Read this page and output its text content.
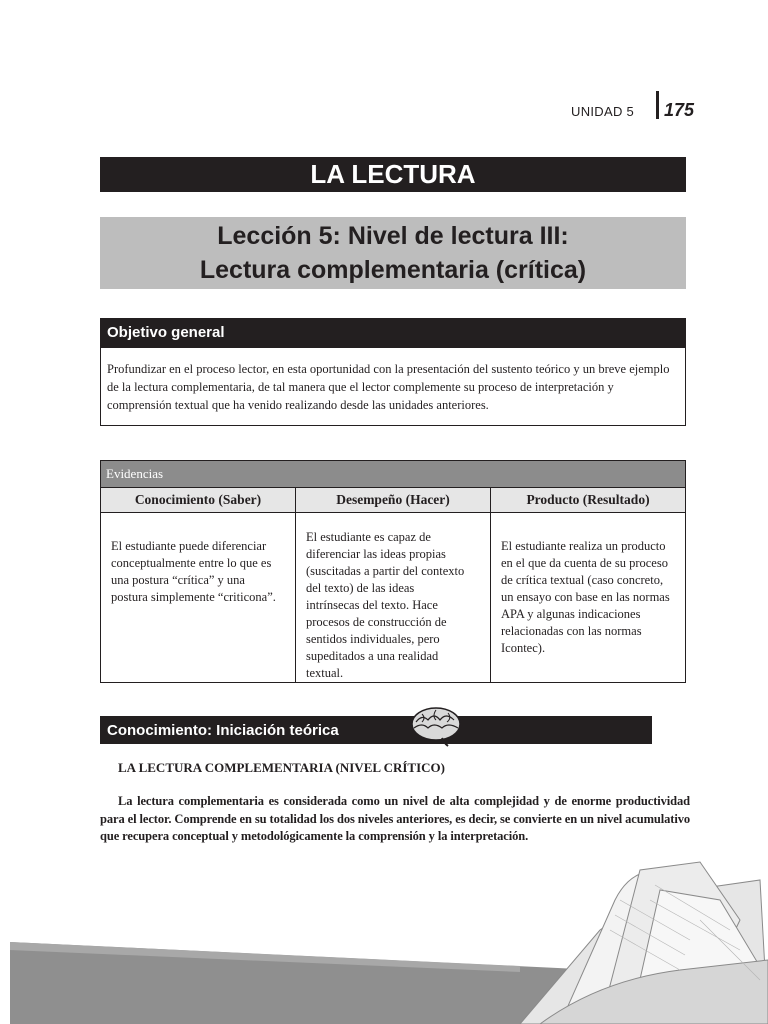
UNIDAD 5 175
LA LECTURA
Lección 5: Nivel de lectura III:
Lectura complementaria (crítica)
Objetivo general
Profundizar en el proceso lector, en esta oportunidad con la presentación del sustento teórico y un breve ejemplo de la lectura complementaria, de tal manera que el lector complemente su proceso de interpretación y comprensión textual que ha venido realizando desde las unidades anteriores.
Evidencias		
Conocimiento (Saber)	Desempeño (Hacer)	Producto (Resultado)

El estudiante puede diferenciar conceptualmente entre lo que es una postura “crítica” y una postura simplemente “criticona”.	El estudiante es capaz de diferenciar las ideas propias (suscitadas a partir del contexto del texto) de las ideas intrínsecas del texto. Hace procesos de construcción de sentidos individuales, pero supeditados a una realidad textual.	El estudiante realiza un producto en el que da cuenta de su proceso de crítica textual (caso concreto, un ensayo con base en las normas APA y algunas indicaciones relacionadas con las normas Icontec).
Conocimiento: Iniciación teórica
LA LECTURA COMPLEMENTARIA (NIVEL CRÍTICO)
La lectura complementaria es considerada como un nivel de alta complejidad y de enorme productividad para el lector. Comprende en su totalidad los dos niveles anteriores, es decir, se convierte en un nivel acumulativo que recupera conceptual y metodológicamente la comprensión y la interpretación.
